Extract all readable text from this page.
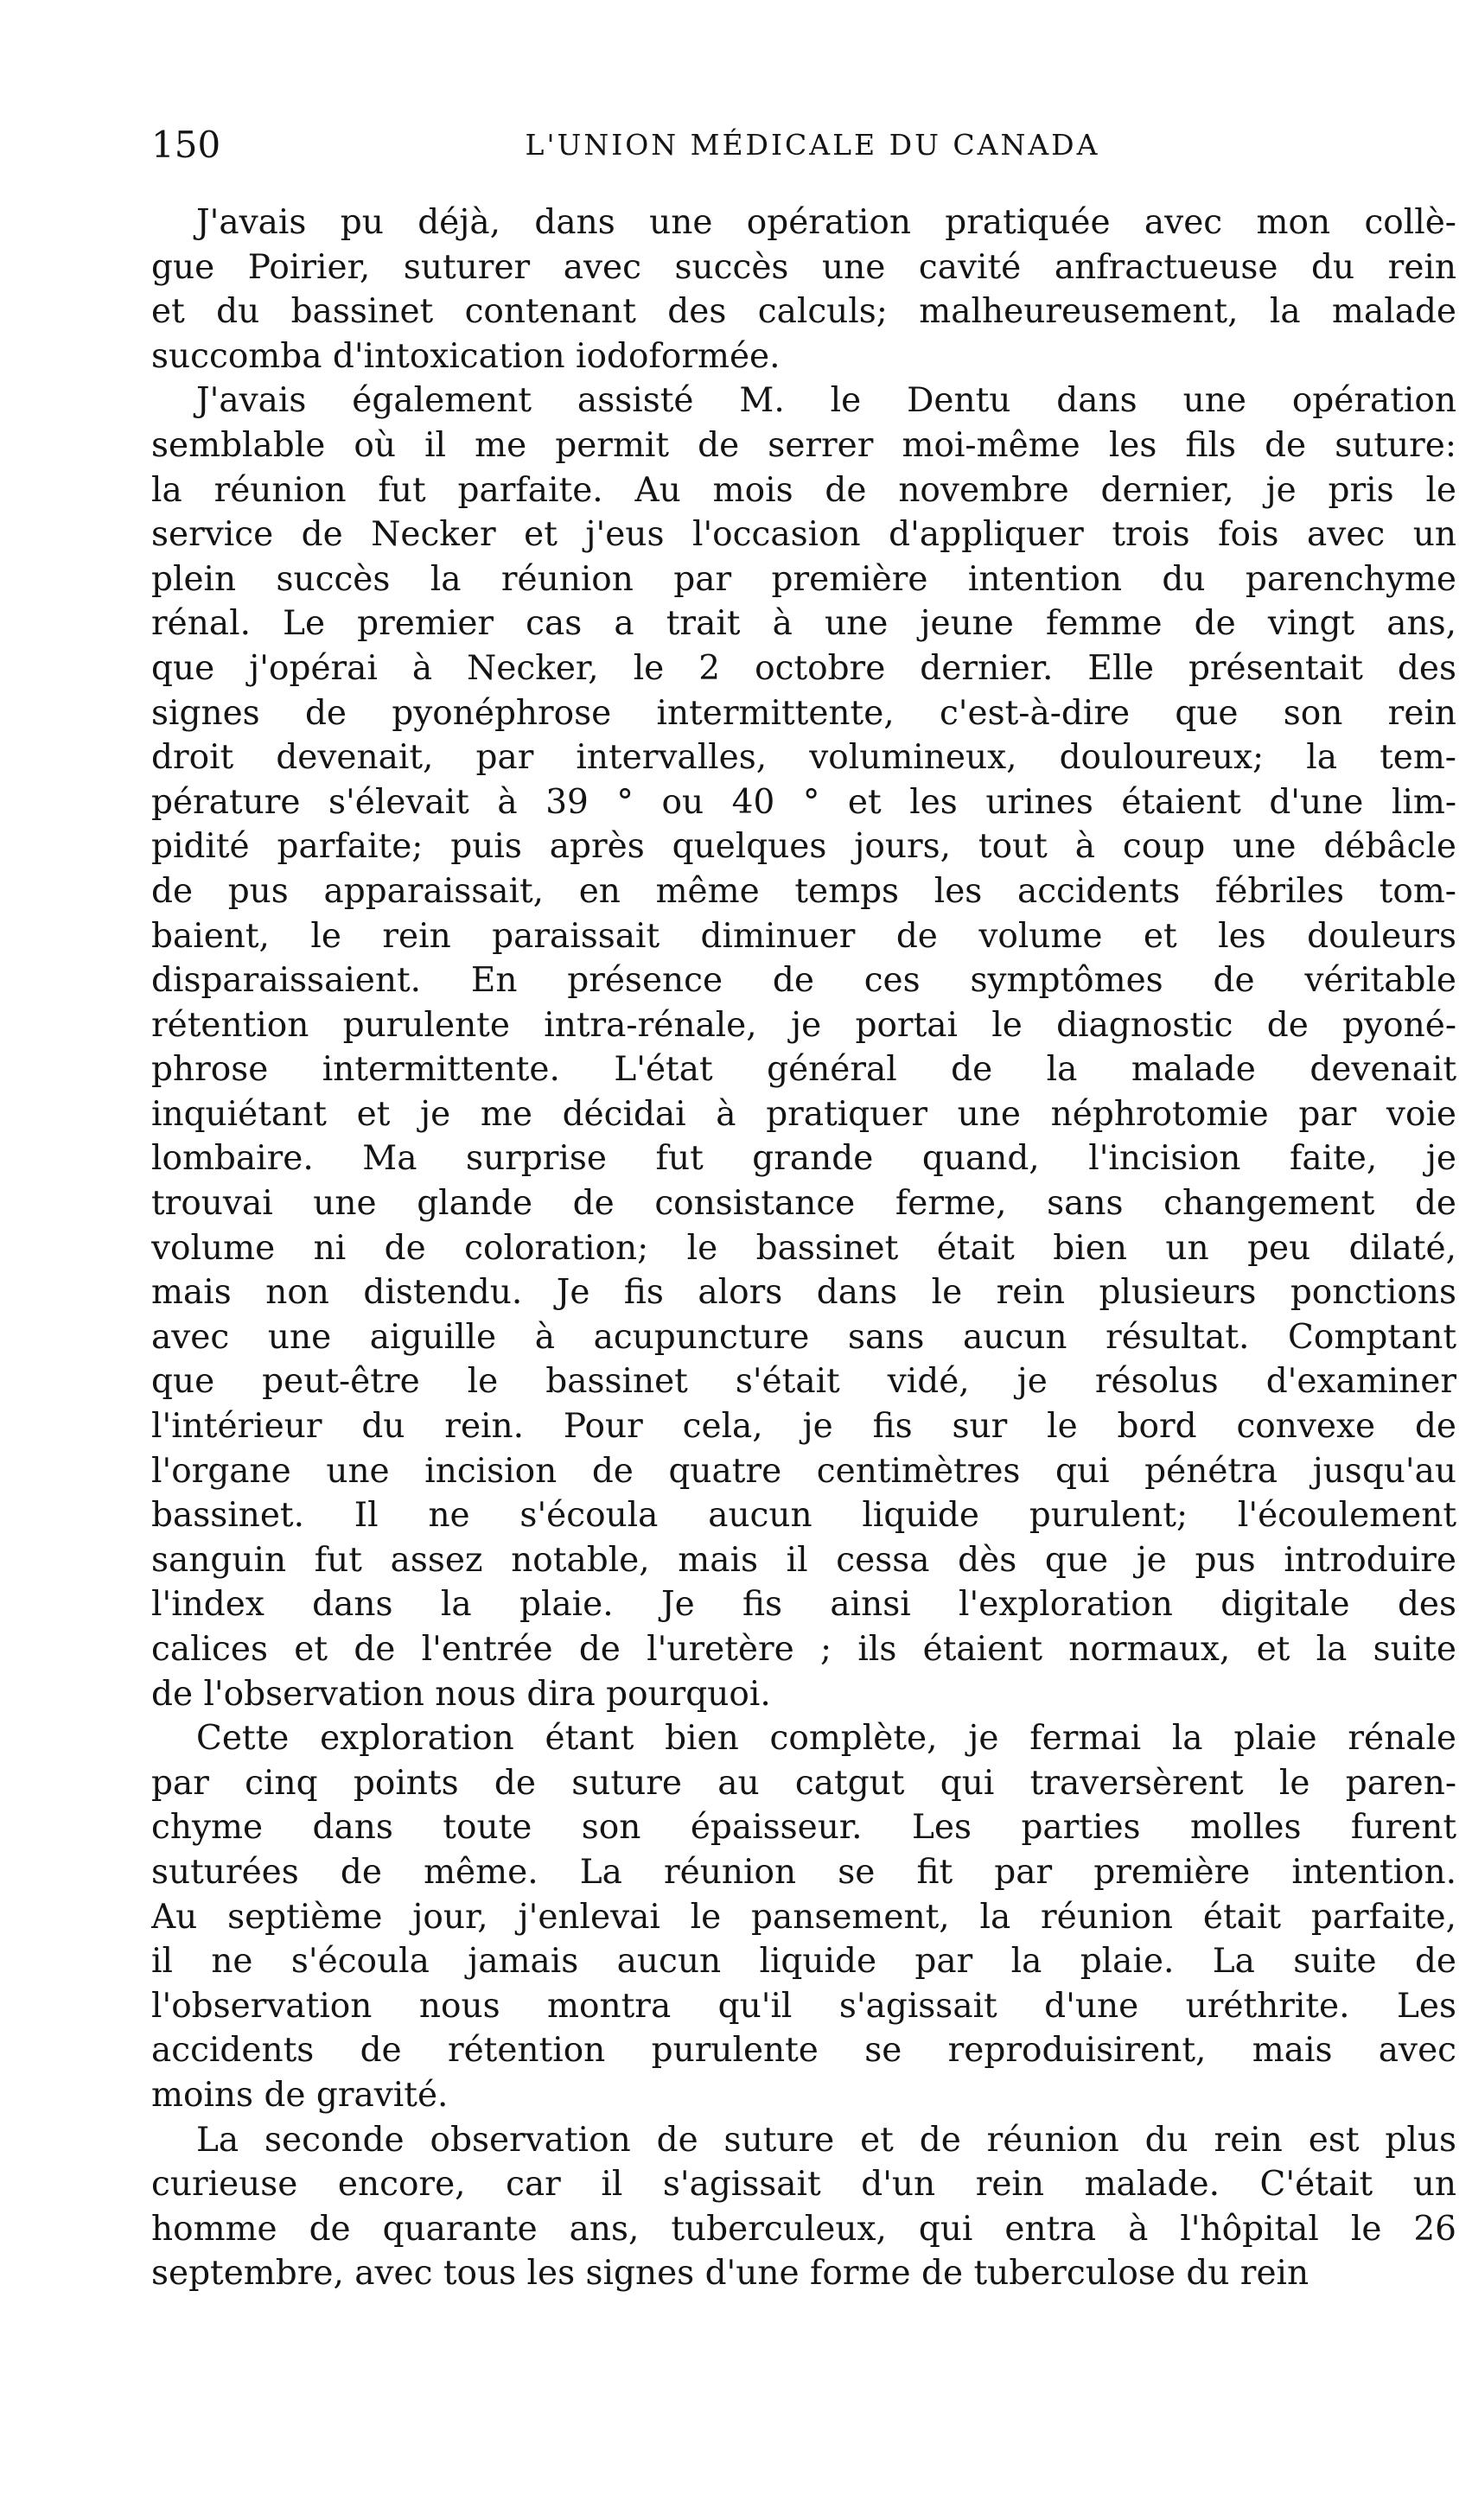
150	L'UNION MÉDICALE DU CANADA
J'avais pu déjà, dans une opération pratiquée avec mon collè-
gue Poirier, suturer avec succès une cavité anfractueuse du rein
et du bassinet contenant des calculs; malheureusement, la malade
succomba d'intoxication iodoformée.
J'avais également assisté M. le Dentu dans une opération
semblable où il me permit de serrer moi-même les fils de suture:
la réunion fut parfaite. Au mois de novembre dernier, je pris le
service de Necker et j'eus l'occasion d'appliquer trois fois avec un
plein succès la réunion par première intention du parenchyme
rénal. Le premier cas a trait à une jeune femme de vingt ans,
que j'opérai à Necker, le 2 octobre dernier. Elle présentait des
signes de pyonéphrose intermittente, c'est-à-dire que son rein
droit devenait, par intervalles, volumineux, douloureux; la tem-
pérature s'élevait à 39 ° ou 40 ° et les urines étaient d'une lim-
pidité parfaite; puis après quelques jours, tout à coup une débâcle
de pus apparaissait, en même temps les accidents fébriles tom-
baient, le rein paraissait diminuer de volume et les douleurs
disparaissaient. En présence de ces symptômes de véritable
rétention purulente intra-rénale, je portai le diagnostic de pyoné-
phrose intermittente. L'état général de la malade devenait
inquiétant et je me décidai à pratiquer une néphrotomie par voie
lombaire. Ma surprise fut grande quand, l'incision faite, je
trouvai une glande de consistance ferme, sans changement de
volume ni de coloration; le bassinet était bien un peu dilaté,
mais non distendu. Je fis alors dans le rein plusieurs ponctions
avec une aiguille à acupuncture sans aucun résultat. Comptant
que peut-être le bassinet s'était vidé, je résolus d'examiner
l'intérieur du rein. Pour cela, je fis sur le bord convexe de
l'organe une incision de quatre centimètres qui pénétra jusqu'au
bassinet. Il ne s'écoula aucun liquide purulent; l'écoulement
sanguin fut assez notable, mais il cessa dès que je pus introduire
l'index dans la plaie. Je fis ainsi l'exploration digitale des
calices et de l'entrée de l'uretère ; ils étaient normaux, et la suite
de l'observation nous dira pourquoi.
Cette exploration étant bien complète, je fermai la plaie rénale
par cinq points de suture au catgut qui traversèrent le paren-
chyme dans toute son épaisseur. Les parties molles furent
suturées de même. La réunion se fit par première intention.
Au septième jour, j'enlevai le pansement, la réunion était parfaite,
il ne s'écoula jamais aucun liquide par la plaie. La suite de
l'observation nous montra qu'il s'agissait d'une uréthrite. Les
accidents de rétention purulente se reproduisirent, mais avec
moins de gravité.
La seconde observation de suture et de réunion du rein est plus
curieuse encore, car il s'agissait d'un rein malade. C'était un
homme de quarante ans, tuberculeux, qui entra à l'hôpital le 26
septembre, avec tous les signes d'une forme de tuberculose du rein
